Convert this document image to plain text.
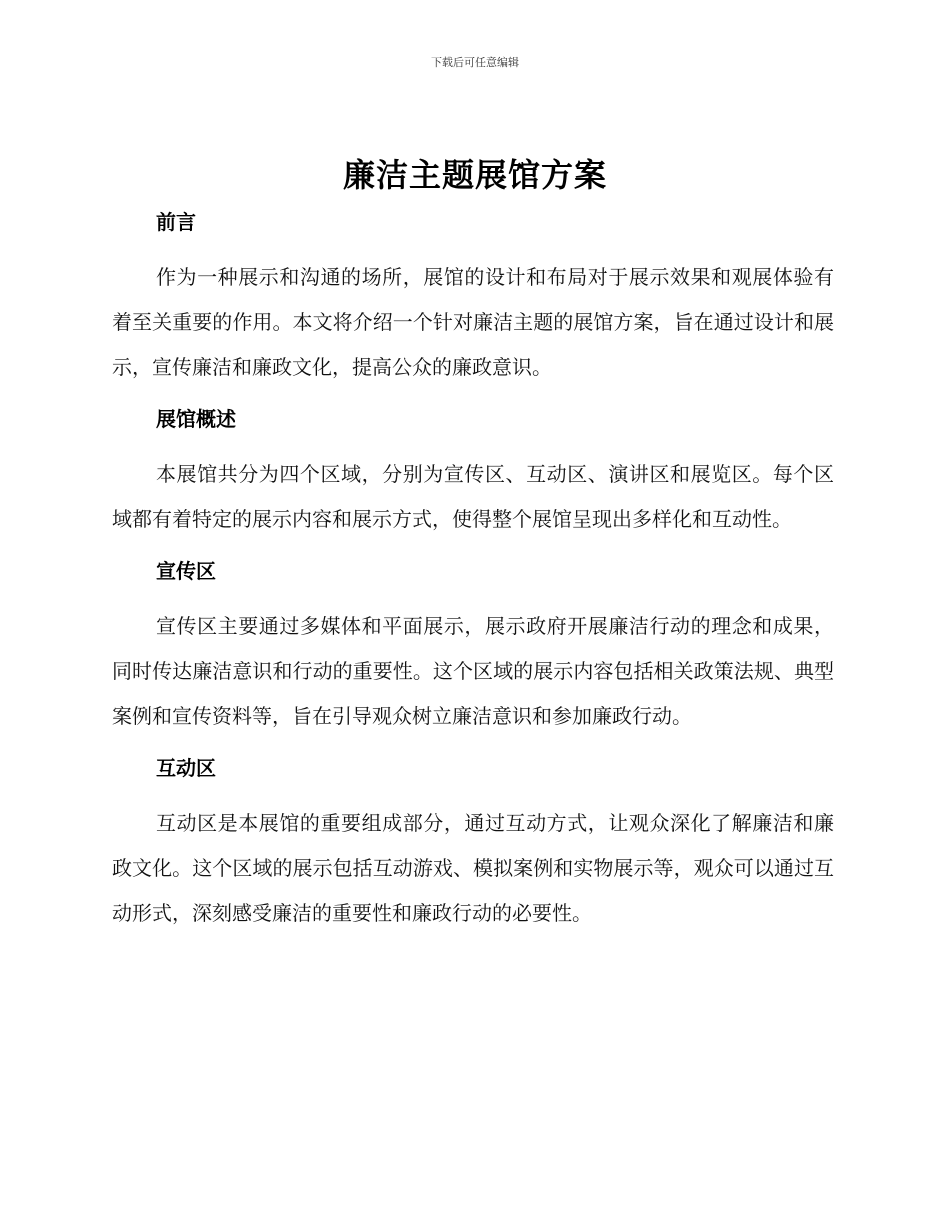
下载后可任意编辑
廉洁主题展馆方案
前言

作为一种展示和沟通的场所，展馆的设计和布局对于展示效果和观展体验有着至关重要的作用。本文将介绍一个针对廉洁主题的展馆方案，旨在通过设计和展示，宣传廉洁和廉政文化，提高公众的廉政意识。

展馆概述

本展馆共分为四个区域，分别为宣传区、互动区、演讲区和展览区。每个区域都有着特定的展示内容和展示方式，使得整个展馆呈现出多样化和互动性。

宣传区

宣传区主要通过多媒体和平面展示，展示政府开展廉洁行动的理念和成果，同时传达廉洁意识和行动的重要性。这个区域的展示内容包括相关政策法规、典型案例和宣传资料等，旨在引导观众树立廉洁意识和参加廉政行动。

互动区

互动区是本展馆的重要组成部分，通过互动方式，让观众深化了解廉洁和廉政文化。这个区域的展示包括互动游戏、模拟案例和实物展示等，观众可以通过互动形式，深刻感受廉洁的重要性和廉政行动的必要性。
